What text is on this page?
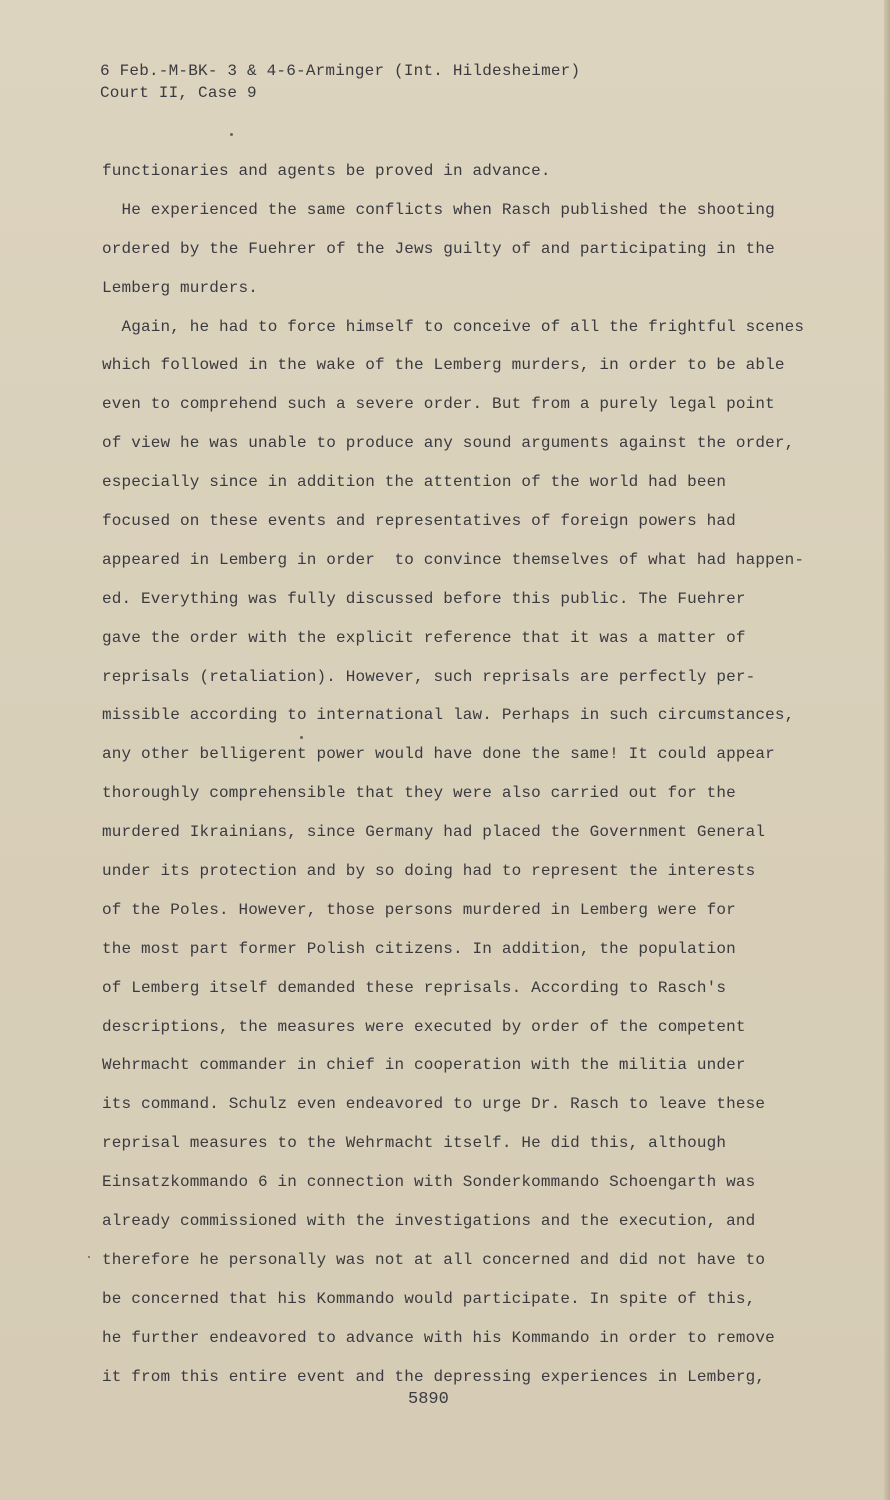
6 Feb.-M-BK- 3 & 4-6-Arminger (Int. Hildesheimer)
Court II, Case 9
functionaries and agents be proved in advance.
He experienced the same conflicts when Rasch published the shooting
ordered by the Fuehrer of the Jews guilty of and participating in the
Lemberg murders.
Again, he had to force himself to conceive of all the frightful scenes
which followed in the wake of the Lemberg murders, in order to be able
even to comprehend such a severe order. But from a purely legal point
of view he was unable to produce any sound arguments against the order,
especially since in addition the attention of the world had been
focused on these events and representatives of foreign powers had
appeared in Lemberg in order  to convince themselves of what had happen-
ed. Everything was fully discussed before this public. The Fuehrer
gave the order with the explicit reference that it was a matter of
reprisals (retaliation). However, such reprisals are perfectly per-
missible according to international law. Perhaps in such circumstances,
any other belligerent power would have done the same! It could appear
thoroughly comprehensible that they were also carried out for the
murdered Ikrainians, since Germany had placed the Government General
under its protection and by so doing had to represent the interests
of the Poles. However, those persons murdered in Lemberg were for
the most part former Polish citizens. In addition, the population
of Lemberg itself demanded these reprisals. According to Rasch's
descriptions, the measures were executed by order of the competent
Wehrmacht commander in chief in cooperation with the militia under
its command. Schulz even endeavored to urge Dr. Rasch to leave these
reprisal measures to the Wehrmacht itself. He did this, although
Einsatzkommando 6 in connection with Sonderkommando Schoengarth was
already commissioned with the investigations and the execution, and
therefore he personally was not at all concerned and did not have to
be concerned that his Kommando would participate. In spite of this,
he further endeavored to advance with his Kommando in order to remove
it from this entire event and the depressing experiences in Lemberg,
5890
